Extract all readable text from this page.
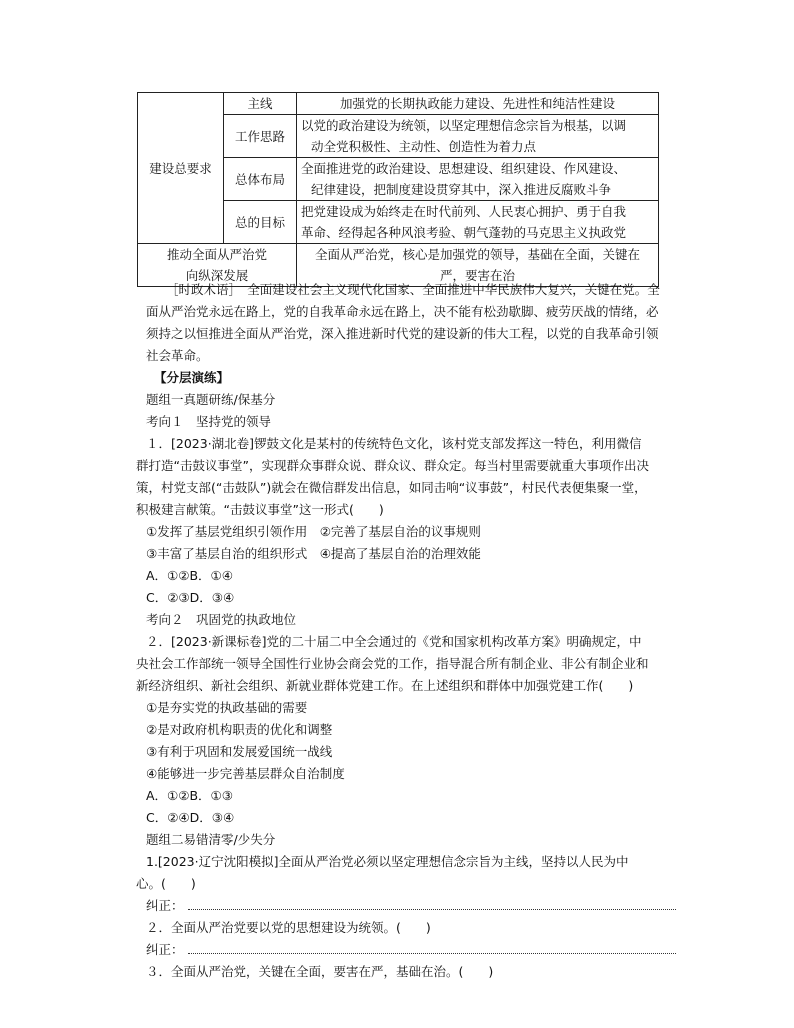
建设总要求	主线	加强党的长期执政能力建设、先进性和纯洁性建设
	工作思路	以党的政治建设为统领，以坚定理想信念宗旨为根基，以调
动全党积极性、主动性、创造性为着力点

	总体布局	全面推进党的政治建设、思想建设、组织建设、作风建设、
纪律建设，把制度建设贯穿其中，深入推进反腐败斗争

	总的目标	把党建设成为始终走在时代前列、人民衷心拥护、勇于自我
革命、经得起各种风浪考验、朝气蓬勃的马克思主义执政党

推动全面从严治党
向纵深发展		全面从严治党，核心是加强党的领导，基础在全面，关键在
严，要害在治
［时政术语］　全面建设社会主义现代化国家、全面推进中华民族伟大复兴，关键在党。全
面从严治党永远在路上，党的自我革命永远在路上，决不能有松劲歇脚、疲劳厌战的情绪，必
须持之以恒推进全面从严治党，深入推进新时代党的建设新的伟大工程，以党的自我革命引领
社会革命。
【分层演练】
题组一真题研练/保基分
考向１　坚持党的领导
１．[2023·湖北卷]锣鼓文化是某村的传统特色文化，该村党支部发挥这一特色，利用微信
群打造“击鼓议事堂”，实现群众事群众说、群众议、群众定。每当村里需要就重大事项作出决
策，村党支部(“击鼓队”)就会在微信群发出信息，如同击响“议事鼓”，村民代表便集聚一堂，
积极建言献策。“击鼓议事堂”这一形式(　　)
①发挥了基层党组织引领作用　②完善了基层自治的议事规则
③丰富了基层自治的组织形式　④提高了基层自治的治理效能
A．①②B．①④
C．②③D．③④
考向２　巩固党的执政地位
２．[2023·新课标卷]党的二十届二中全会通过的《党和国家机构改革方案》明确规定，中
央社会工作部统一领导全国性行业协会商会党的工作，指导混合所有制企业、非公有制企业和
新经济组织、新社会组织、新就业群体党建工作。在上述组织和群体中加强党建工作(　　)
①是夯实党的执政基础的需要
②是对政府机构职责的优化和调整
③有利于巩固和发展爱国统一战线
④能够进一步完善基层群众自治制度
A．①②B．①③
C．②④D．③④
题组二易错清零/少失分
1.[2023·辽宁沈阳模拟]全面从严治党必须以坚定理想信念宗旨为主线，坚持以人民为中
心。(　　)
纠正：
２．全面从严治党要以党的思想建设为统领。(　　)
纠正：
３．全面从严治党，关键在全面，要害在严，基础在治。(　　)
